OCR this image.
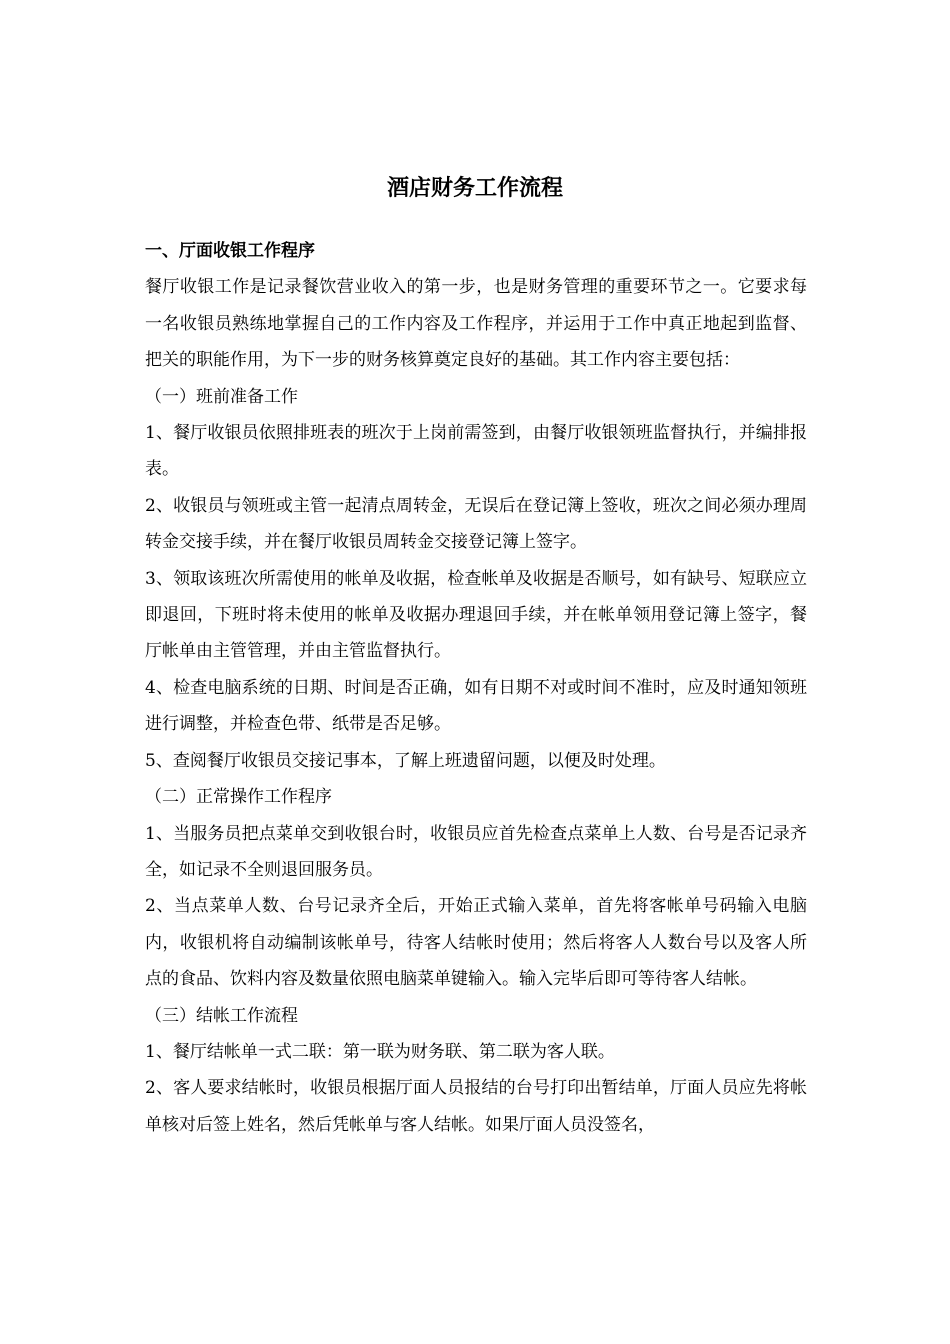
酒店财务工作流程

一、厅面收银工作程序

餐厅收银工作是记录餐饮营业收入的第一步，也是财务管理的重要环节之一。它要求每一名收银员熟练地掌握自己的工作内容及工作程序，并运用于工作中真正地起到监督、把关的职能作用，为下一步的财务核算奠定良好的基础。其工作内容主要包括：

（一）班前准备工作

1、餐厅收银员依照排班表的班次于上岗前需签到，由餐厅收银领班监督执行，并编排报表。

2、收银员与领班或主管一起清点周转金，无误后在登记簿上签收，班次之间必须办理周转金交接手续，并在餐厅收银员周转金交接登记簿上签字。

3、领取该班次所需使用的帐单及收据，检查帐单及收据是否顺号，如有缺号、短联应立即退回，下班时将未使用的帐单及收据办理退回手续，并在帐单领用登记簿上签字，餐厅帐单由主管管理，并由主管监督执行。

4、检查电脑系统的日期、时间是否正确，如有日期不对或时间不准时，应及时通知领班进行调整，并检查色带、纸带是否足够。

5、查阅餐厅收银员交接记事本，了解上班遗留问题，以便及时处理。

（二）正常操作工作程序

1、当服务员把点菜单交到收银台时，收银员应首先检查点菜单上人数、台号是否记录齐全，如记录不全则退回服务员。

2、当点菜单人数、台号记录齐全后，开始正式输入菜单，首先将客帐单号码输入电脑内，收银机将自动编制该帐单号，待客人结帐时使用；然后将客人人数台号以及客人所点的食品、饮料内容及数量依照电脑菜单键输入。输入完毕后即可等待客人结帐。

（三）结帐工作流程

1、餐厅结帐单一式二联：第一联为财务联、第二联为客人联。

2、客人要求结帐时，收银员根据厅面人员报结的台号打印出暂结单，厅面人员应先将帐单核对后签上姓名，然后凭帐单与客人结帐。如果厅面人员没签名，
